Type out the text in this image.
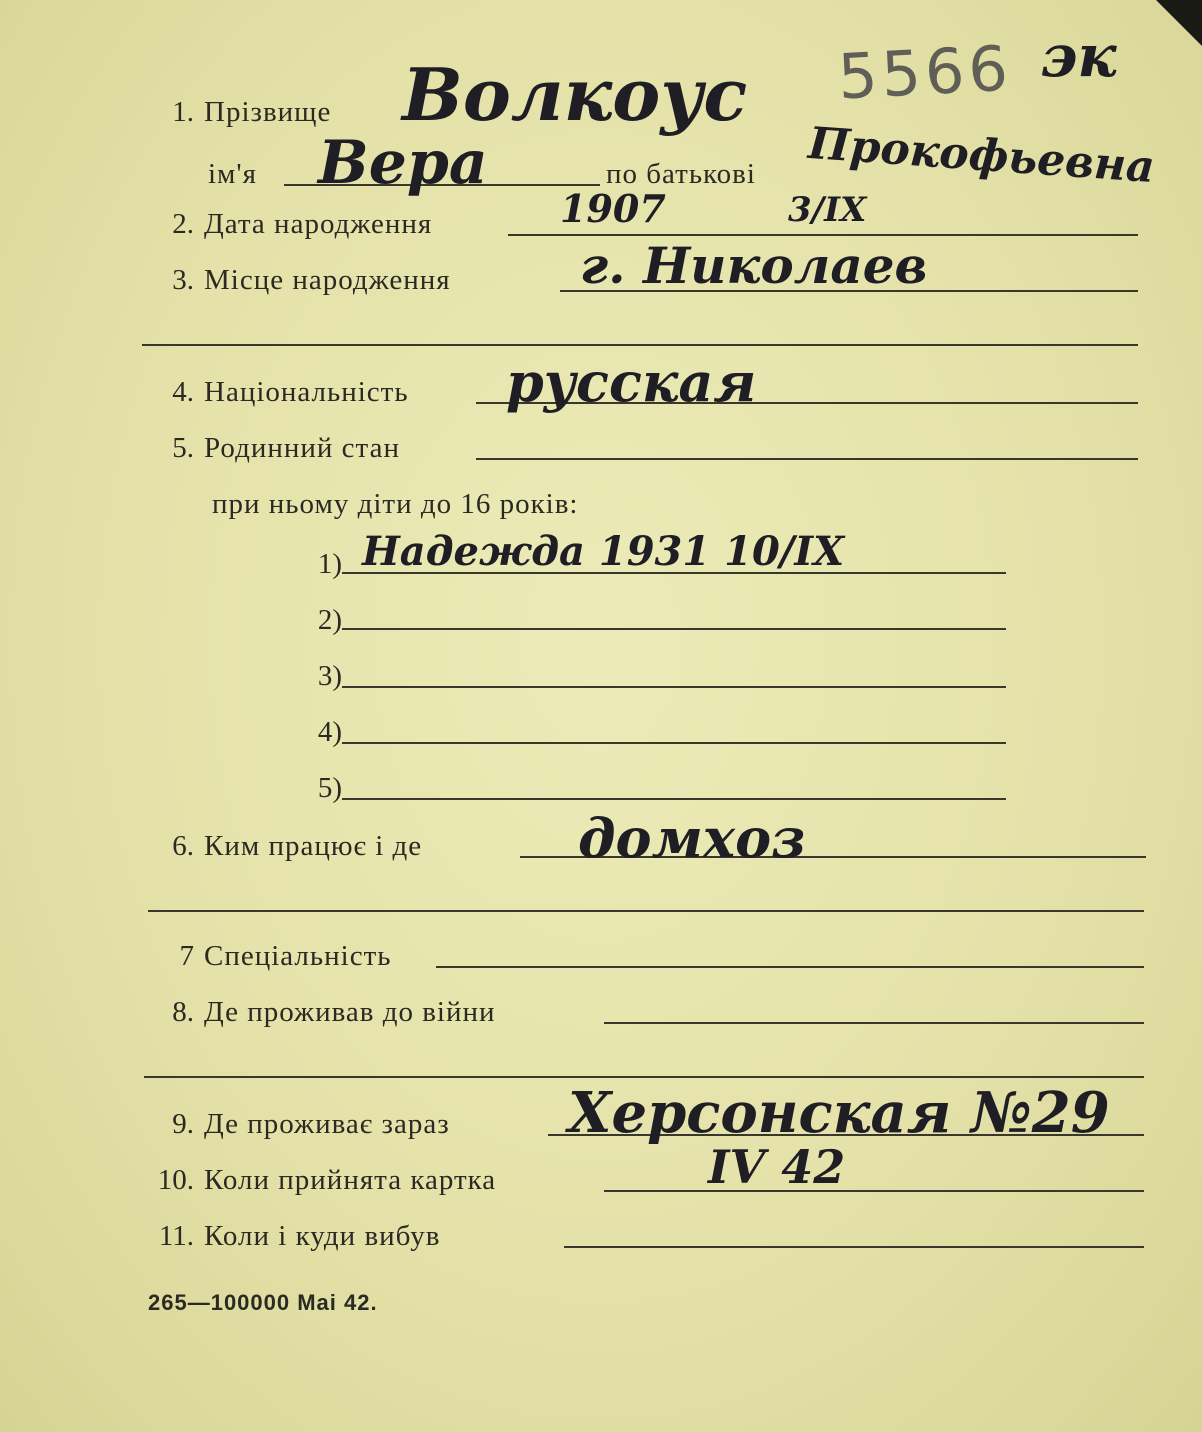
5566 эк
1. Прізвище Волкоус
ім'я Вера	по батькові Прокофьевна
2. Дата народження	1907	3/IX
3. Місце народження	г. Николаев
4. Національність русская
5. Родинний стан
при ньому діти до 16 років:
1) Надежда 1931 10/IX
2)
3)
4)
5)
6. Ким працює і де	домхоз
7 Спеціальність
8. Де проживав до війни
9. Де проживає зараз Херсонская №29
10. Коли прийнята картка	IV 42
11. Коли і куди вибув
265—100000 Mai 42.
